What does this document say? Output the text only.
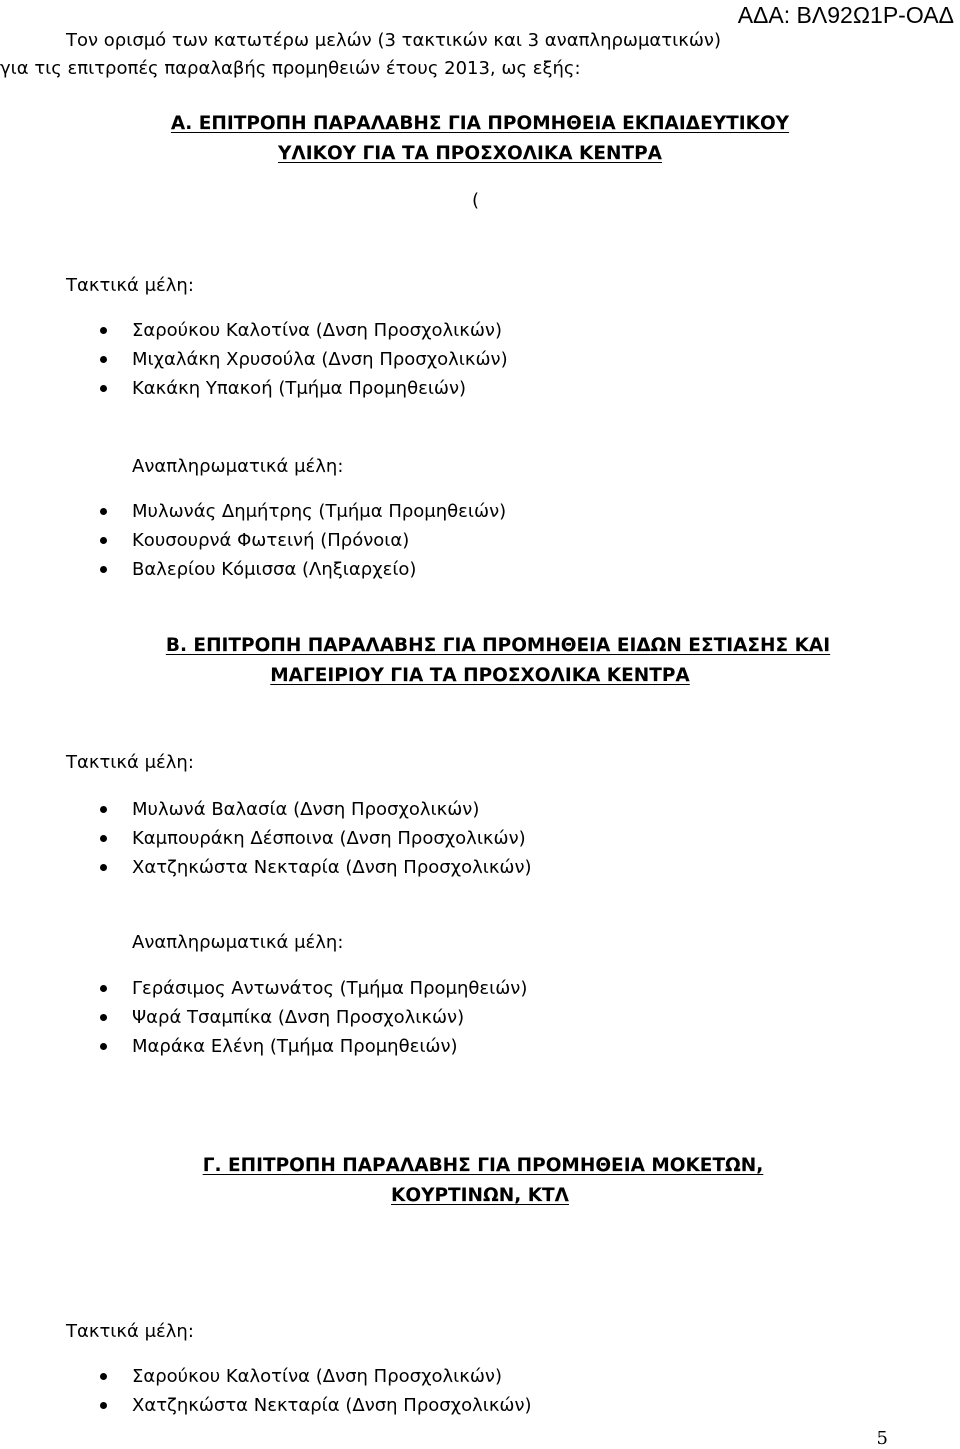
ΑΔΑ: ΒΛ92Ω1Ρ-ΟΑΔ
Τον ορισμό των κατωτέρω μελών (3 τακτικών και 3 αναπληρωματικών)
για τις επιτροπές παραλαβής προμηθειών έτους 2013, ως εξής:
Α. ΕΠΙΤΡΟΠΗ ΠΑΡΑΛΑΒΗΣ ΓΙΑ ΠΡΟΜΗΘΕΙΑ ΕΚΠΑΙΔΕΥΤΙΚΟΥ
ΥΛΙΚΟΥ ΓΙΑ ΤΑ ΠΡΟΣΧΟΛΙΚΑ ΚΕΝΤΡΑ
(
Τακτικά μέλη:
Σαρούκου Καλοτίνα (Δνση Προσχολικών)
Μιχαλάκη Χρυσούλα (Δνση Προσχολικών)
Κακάκη Υπακοή (Τμήμα Προμηθειών)
Αναπληρωματικά μέλη:
Μυλωνάς Δημήτρης (Τμήμα Προμηθειών)
Κουσουρνά Φωτεινή (Πρόνοια)
Βαλερίου Κόμισσα (Ληξιαρχείο)
Β. ΕΠΙΤΡΟΠΗ ΠΑΡΑΛΑΒΗΣ ΓΙΑ ΠΡΟΜΗΘΕΙΑ ΕΙΔΩΝ ΕΣΤΙΑΣΗΣ ΚΑΙ
ΜΑΓΕΙΡΙΟΥ ΓΙΑ ΤΑ ΠΡΟΣΧΟΛΙΚΑ ΚΕΝΤΡΑ
Τακτικά μέλη:
Μυλωνά Βαλασία (Δνση Προσχολικών)
Καμπουράκη Δέσποινα (Δνση Προσχολικών)
Χατζηκώστα Νεκταρία (Δνση Προσχολικών)
Αναπληρωματικά μέλη:
Γεράσιμος Αντωνάτος (Τμήμα Προμηθειών)
Ψαρά Τσαμπίκα (Δνση Προσχολικών)
Μαράκα Ελένη (Τμήμα Προμηθειών)
Γ. ΕΠΙΤΡΟΠΗ ΠΑΡΑΛΑΒΗΣ ΓΙΑ ΠΡΟΜΗΘΕΙΑ ΜΟΚΕΤΩΝ,
ΚΟΥΡΤΙΝΩΝ, ΚΤΛ
Τακτικά μέλη:
Σαρούκου Καλοτίνα (Δνση Προσχολικών)
Χατζηκώστα Νεκταρία (Δνση Προσχολικών)
5
